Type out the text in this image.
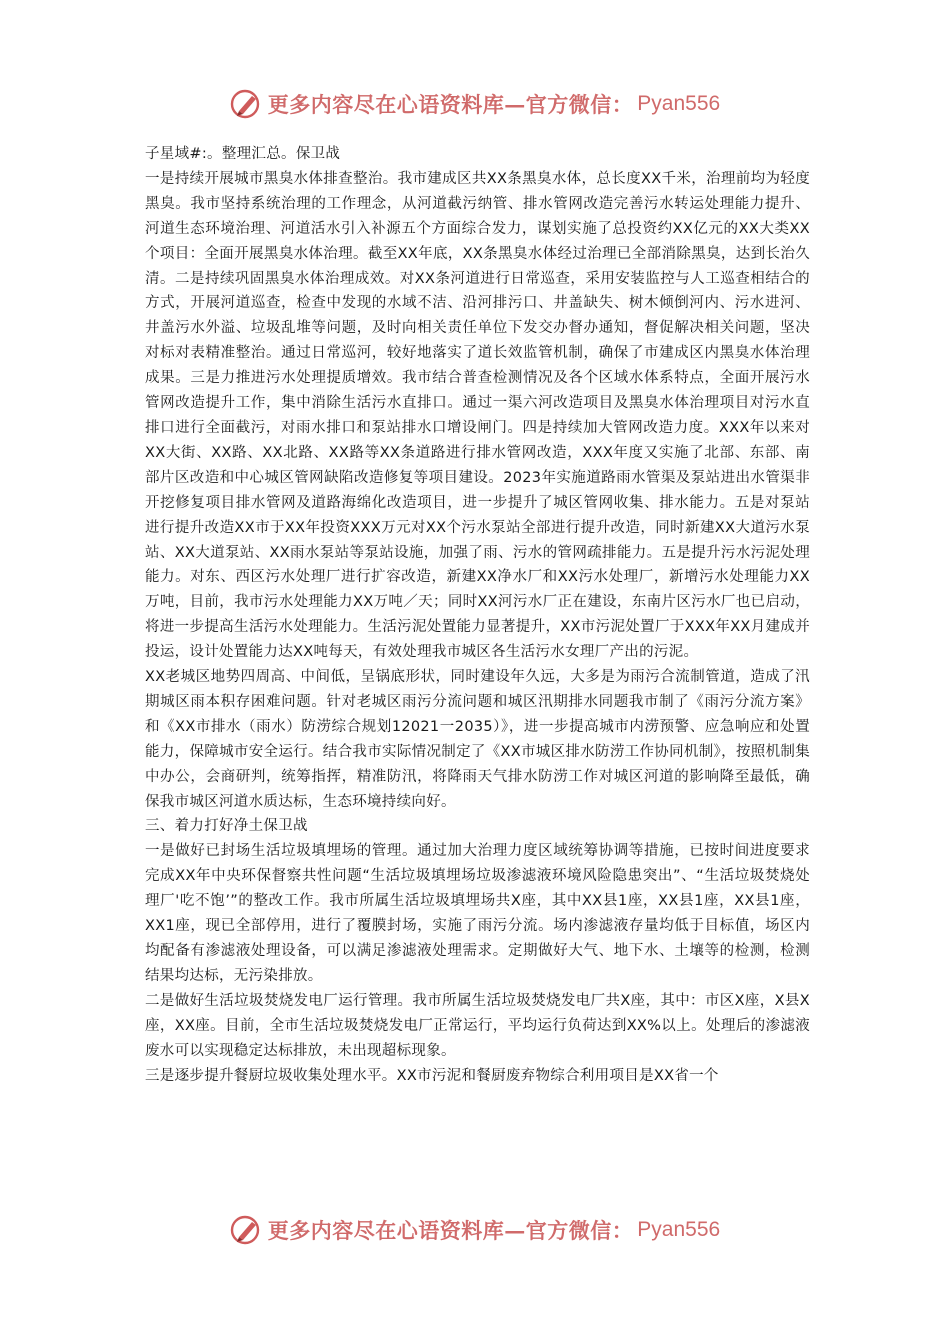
更多内容尽在心语资料库—官方微信： Pyan556

子星域#:。整理汇总。保卫战

一是持续开展城市黑臭水体排查整治。我市建成区共XX条黑臭水体，总长度XX千米，治理前均为轻度黑臭。我市坚持系统治理的工作理念，从河道截污纳管、排水管网改造完善污水转运处理能力提升、河道生态环境治理、河道活水引入补源五个方面综合发力，谋划实施了总投资约XX亿元的XX大类XX个项目：全面开展黑臭水体治理。截至XX年底，XX条黑臭水体经过治理已全部消除黑臭，达到长治久清。二是持续巩固黑臭水体治理成效。对XX条河道进行日常巡查，采用安装监控与人工巡查相结合的方式，开展河道巡查，检查中发现的水域不洁、沿河排污口、井盖缺失、树木倾倒河内、污水进河、井盖污水外溢、垃圾乱堆等问题，及时向相关责任单位下发交办督办通知，督促解决相关问题，坚决对标对表精准整治。通过日常巡河，较好地落实了道长效监管机制，确保了市建成区内黑臭水体治理成果。三是力推进污水处理提质增效。我市结合普查检测情况及各个区域水体系特点，全面开展污水管网改造提升工作，集中消除生活污水直排口。通过一渠六河改造项目及黑臭水体治理项目对污水直排口进行全面截污，对雨水排口和泵站排水口增设闸门。四是持续加大管网改造力度。XXX年以来对XX大街、XX路、XX北路、XX路等XX条道路进行排水管网改造，XXX年度又实施了北部、东部、南部片区改造和中心城区管网缺陷改造修复等项目建设。2023年实施道路雨水管渠及泵站进出水管渠非开挖修复项目排水管网及道路海绵化改造项目，进一步提升了城区管网收集、排水能力。五是对泵站进行提升改造XX市于XX年投资XXX万元对XX个污水泵站全部进行提升改造，同时新建XX大道污水泵站、XX大道泵站、XX雨水泵站等泵站设施，加强了雨、污水的管网疏排能力。五是提升污水污泥处理能力。对东、西区污水处理厂进行扩容改造，新建XX净水厂和XX污水处理厂，新增污水处理能力XX万吨，目前，我市污水处理能力XX万吨／天；同时XX河污水厂正在建设，东南片区污水厂也已启动，将进一步提高生活污水处理能力。生活污泥处置能力显著提升，XX市污泥处置厂于XXX年XX月建成并投运，设计处置能力达XX吨每天，有效处理我市城区各生活污水女理厂产出的污泥。

XX老城区地势四周高、中间低，呈锅底形状，同时建设年久远，大多是为雨污合流制管道，造成了汛期城区雨本积存困难问题。针对老城区雨污分流问题和城区汛期排水同题我市制了《雨污分流方案》和《XX市排水（雨水）防涝综合规划12021一2035）》，进一步提高城市内涝预警、应急响应和处置能力，保障城市安全运行。结合我市实际情况制定了《XX市城区排水防涝工作协同机制》，按照机制集中办公，会商研判，统筹指挥，精准防汛，将降雨天气排水防涝工作对城区河道的影响降至最低，确保我市城区河道水质达标，生态环境持续向好。

三、着力打好净土保卫战

一是做好已封场生活垃圾填埋场的管理。通过加大治理力度区域统筹协调等措施，已按时间进度要求完成XX年中央环保督察共性问题“生活垃圾填埋场垃圾渗滤液环境风险隐患突出”、“生活垃圾焚烧处理厂'吃不饱’”的整改工作。我市所属生活垃圾填埋场共X座，其中XX县1座，XX县1座，XX县1座，XX1座，现已全部停用，进行了覆膜封场，实施了雨污分流。场内渗滤液存量均低于目标值，场区内均配备有渗滤液处理设备，可以满足渗滤液处理需求。定期做好大气、地下水、土壤等的检测，检测结果均达标，无污染排放。

二是做好生活垃圾焚烧发电厂运行管理。我市所属生活垃圾焚烧发电厂共X座，其中：市区X座，X县X座，XX座。目前，全市生活垃圾焚烧发电厂正常运行，平均运行负荷达到XX%以上。处理后的渗滤液废水可以实现稳定达标排放，未出现超标现象。

三是逐步提升餐厨垃圾收集处理水平。XX市污泥和餐厨废弃物综合利用项目是XX省一个

更多内容尽在心语资料库—官方微信： Pyan556
